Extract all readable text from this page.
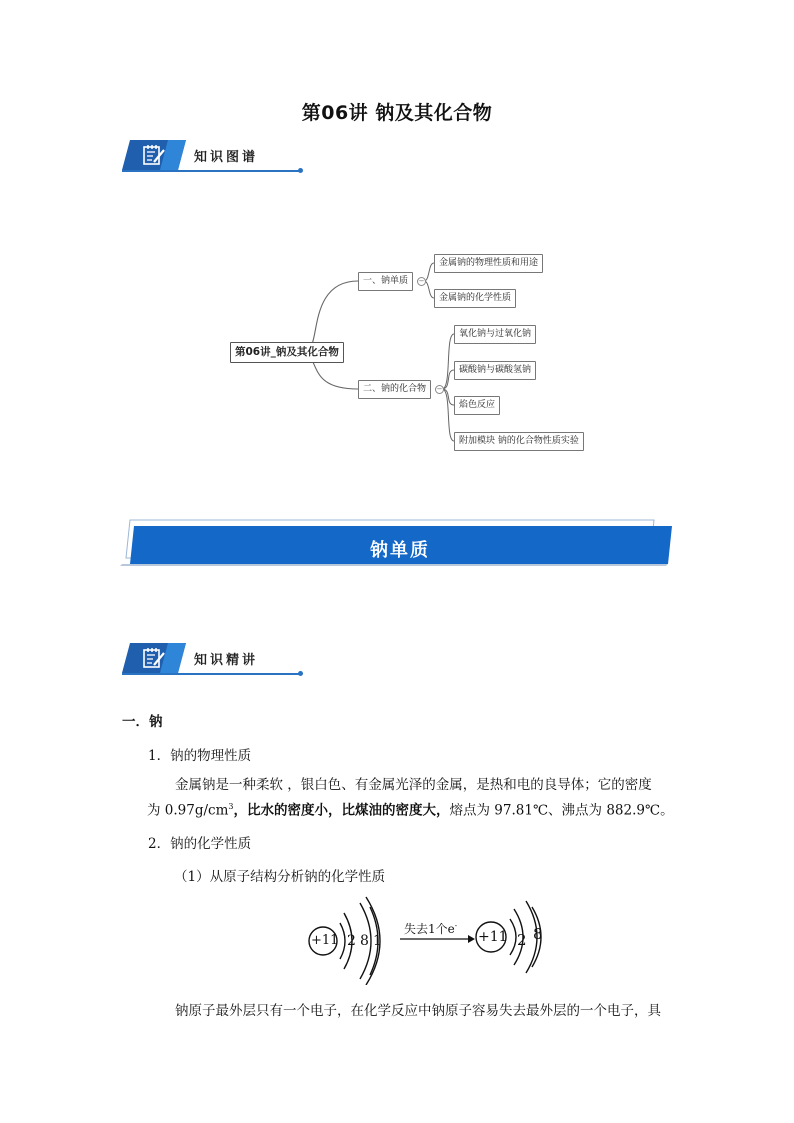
第06讲 钠及其化合物
知识图谱
第06讲_钠及其化合物
一、钠单质	−
金属钠的物理性质和用途
金属钠的化学性质
二、钠的化合物	−
氧化钠与过氧化钠
碳酸钠与碳酸氢钠
焰色反应
附加模块 钠的化合物性质实验
钠单质
知识精讲
一．钠
1．钠的物理性质
金属钠是一种柔软 ，银白色、有金属光泽的金属，是热和电的良导体；它的密度
为 $0.97g/cm^3$，比水的密度小，比煤油的密度大，熔点为 97.81℃、沸点为 882.9℃。
2．钠的化学性质
（1）从原子结构分析钠的化学性质
+11 2 8 1
失去1个e-
+11 2 8
钠原子最外层只有一个电子，在化学反应中钠原子容易失去最外层的一个电子，具
